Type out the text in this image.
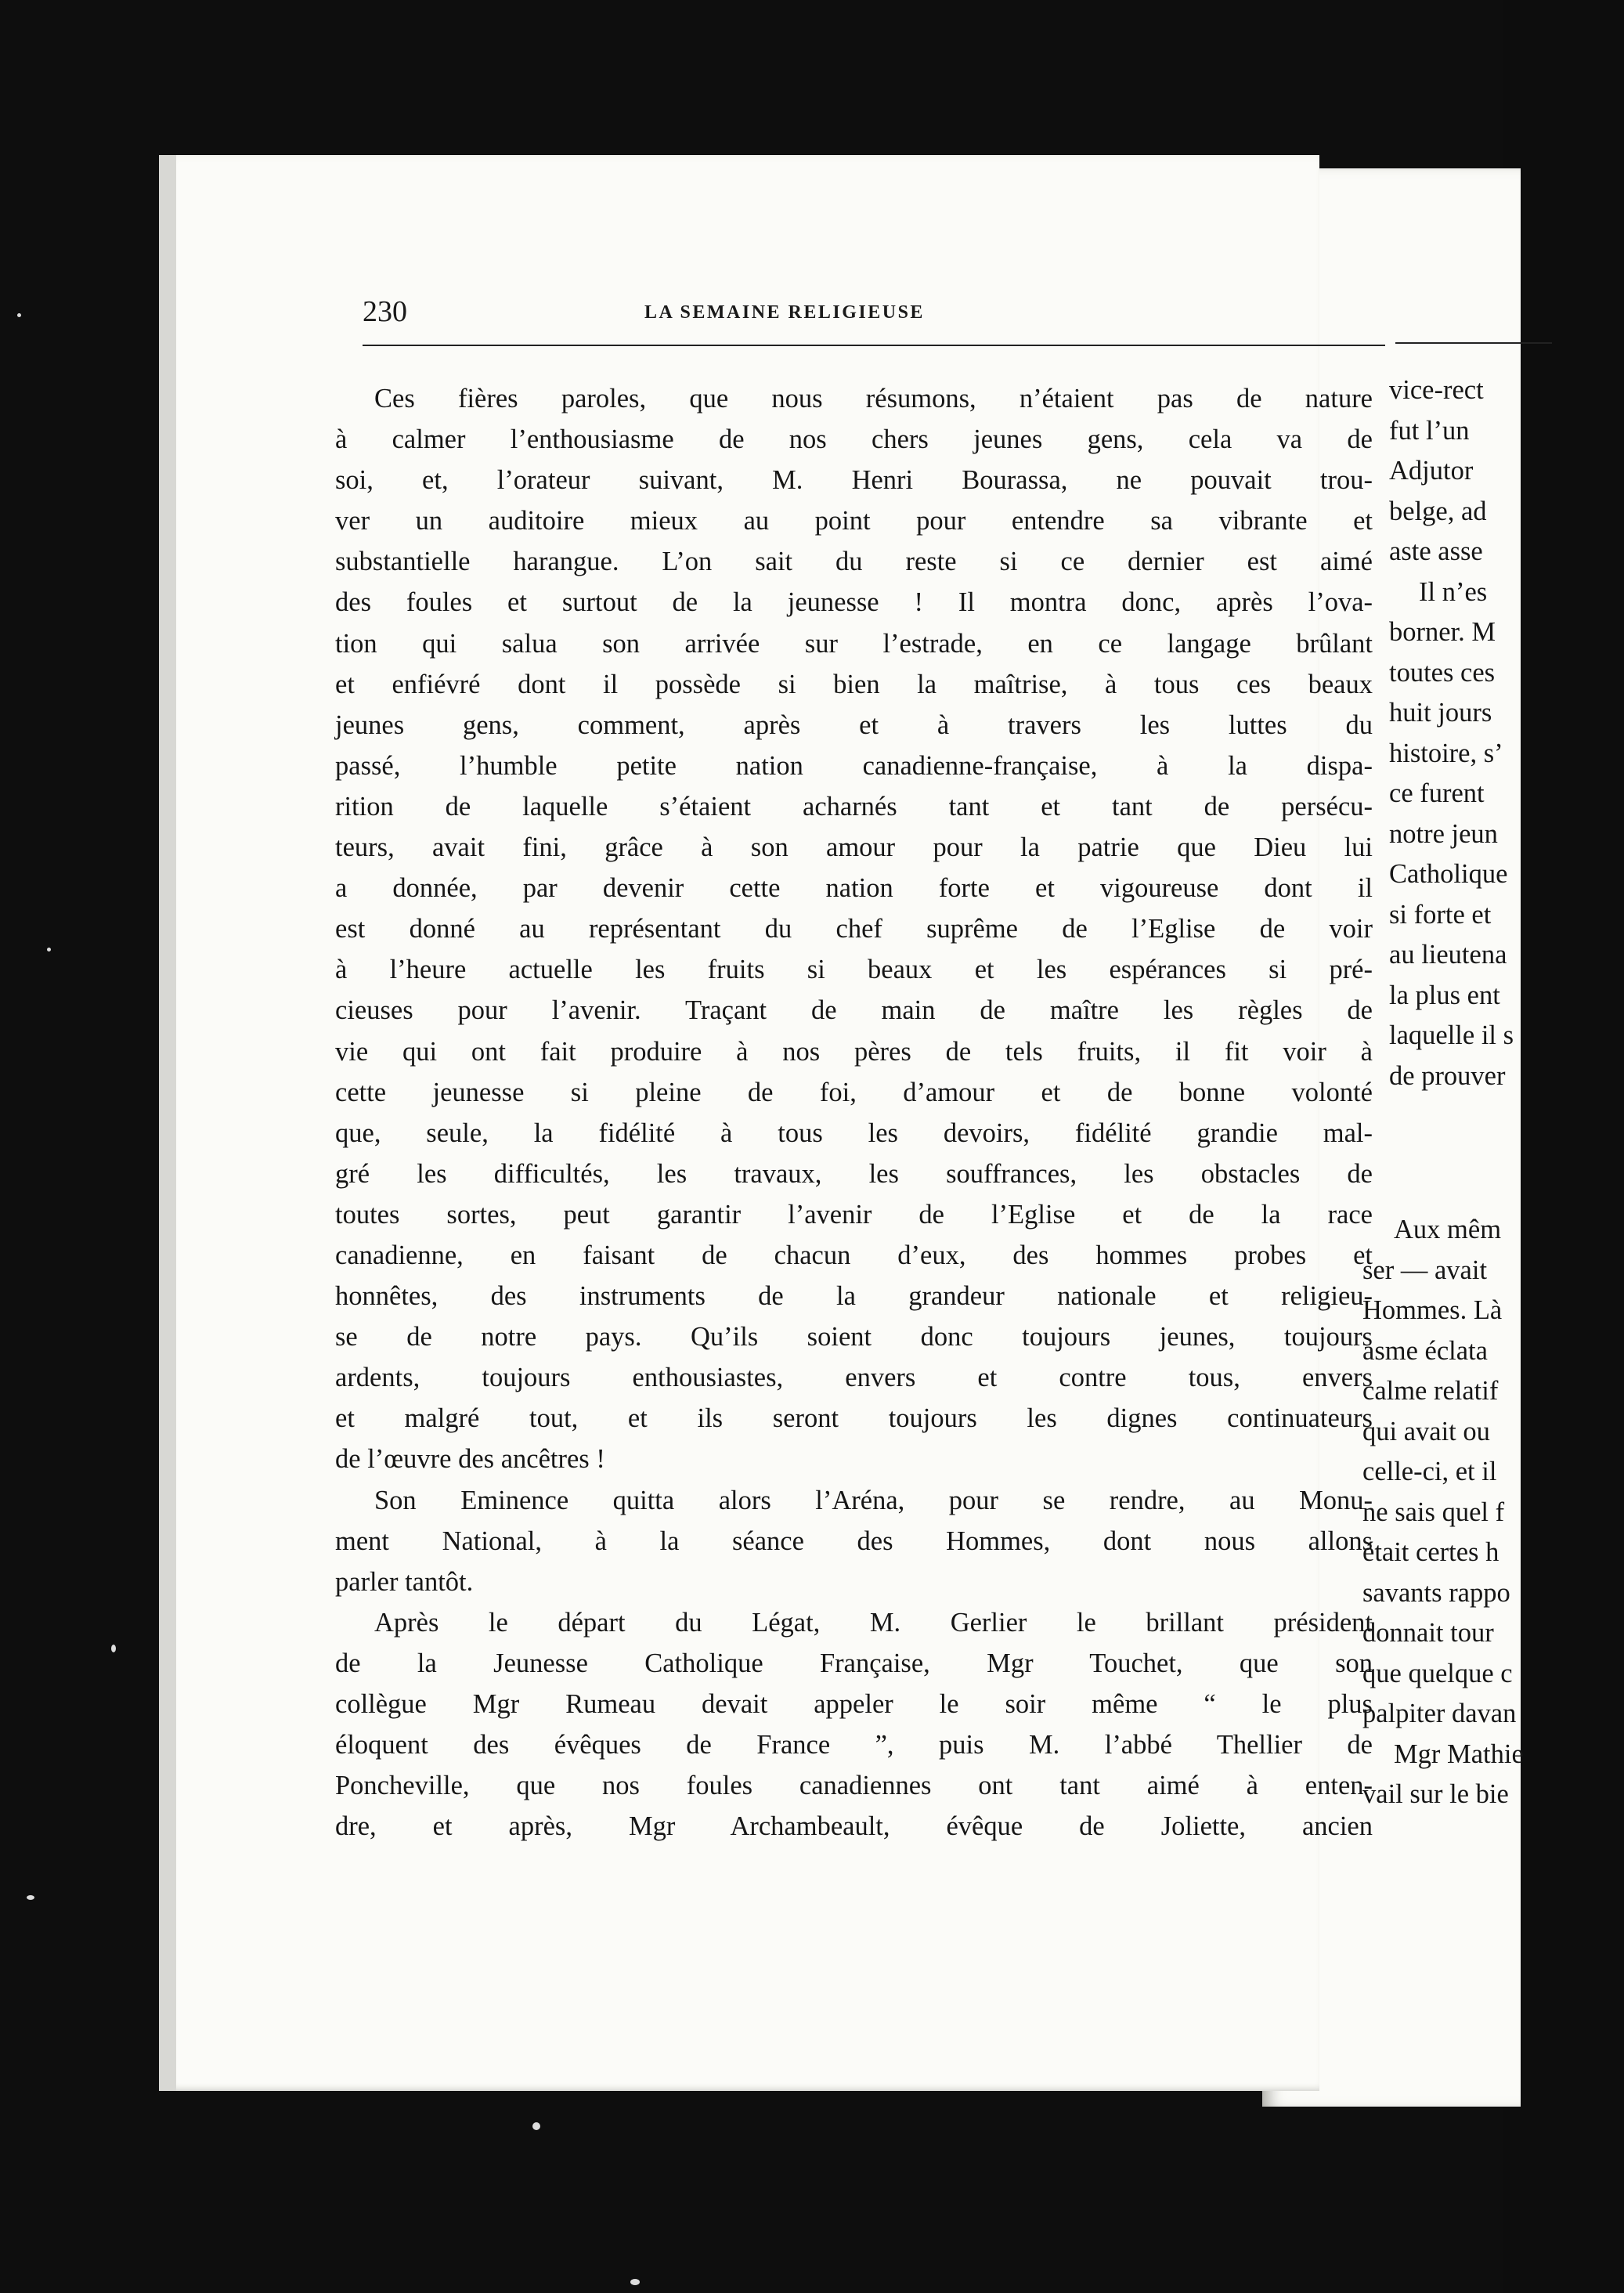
vice-rect
fut l’un
Adjutor
belge, ad
aste asse
Il n’es
borner. M
toutes ces
huit jours
histoire, s’
ce furent
notre jeun
Catholique
si forte et
au lieutena
la plus ent
laquelle il s
de prouver
Aux mêm
ser — avait
Hommes. Là
asme éclata
calme relatif
qui avait ou
celle-ci, et il
ne sais quel f
était certes h
savants rappo
donnait tour
que quelque c
palpiter davan
Mgr Mathie
vail sur le bie
230	LA SEMAINE RELIGIEUSE
Ces fières paroles, que nous résumons, n’étaient pas de nature
à calmer l’enthousiasme de nos chers jeunes gens, cela va de
soi, et, l’orateur suivant, M. Henri Bourassa, ne pouvait trou-
ver un auditoire mieux au point pour entendre sa vibrante et
substantielle harangue. L’on sait du reste si ce dernier est aimé
des foules et surtout de la jeunesse ! Il montra donc, après l’ova-
tion qui salua son arrivée sur l’estrade, en ce langage brûlant
et enfiévré dont il possède si bien la maîtrise, à tous ces beaux
jeunes gens, comment, après et à travers les luttes du
passé, l’humble petite nation canadienne-française, à la dispa-
rition de laquelle s’étaient acharnés tant et tant de persécu-
teurs, avait fini, grâce à son amour pour la patrie que Dieu lui
a donnée, par devenir cette nation forte et vigoureuse dont il
est donné au représentant du chef suprême de l’Eglise de voir
à l’heure actuelle les fruits si beaux et les espérances si pré-
cieuses pour l’avenir. Traçant de main de maître les règles de
vie qui ont fait produire à nos pères de tels fruits, il fit voir à
cette jeunesse si pleine de foi, d’amour et de bonne volonté
que, seule, la fidélité à tous les devoirs, fidélité grandie mal-
gré les difficultés, les travaux, les souffrances, les obstacles de
toutes sortes, peut garantir l’avenir de l’Eglise et de la race
canadienne, en faisant de chacun d’eux, des hommes probes et
honnêtes, des instruments de la grandeur nationale et religieu-
se de notre pays. Qu’ils soient donc toujours jeunes, toujours
ardents, toujours enthousiastes, envers et contre tous, envers
et malgré tout, et ils seront toujours les dignes continuateurs
de l’œuvre des ancêtres !
Son Eminence quitta alors l’Aréna, pour se rendre, au Monu-
ment National, à la séance des Hommes, dont nous allons
parler tantôt.
Après le départ du Légat, M. Gerlier le brillant président
de la Jeunesse Catholique Française, Mgr Touchet, que son
collègue Mgr Rumeau devait appeler le soir même “ le plus
éloquent des évêques de France ”, puis M. l’abbé Thellier de
Poncheville, que nos foules canadiennes ont tant aimé à enten-
dre, et après, Mgr Archambeault, évêque de Joliette, ancien
